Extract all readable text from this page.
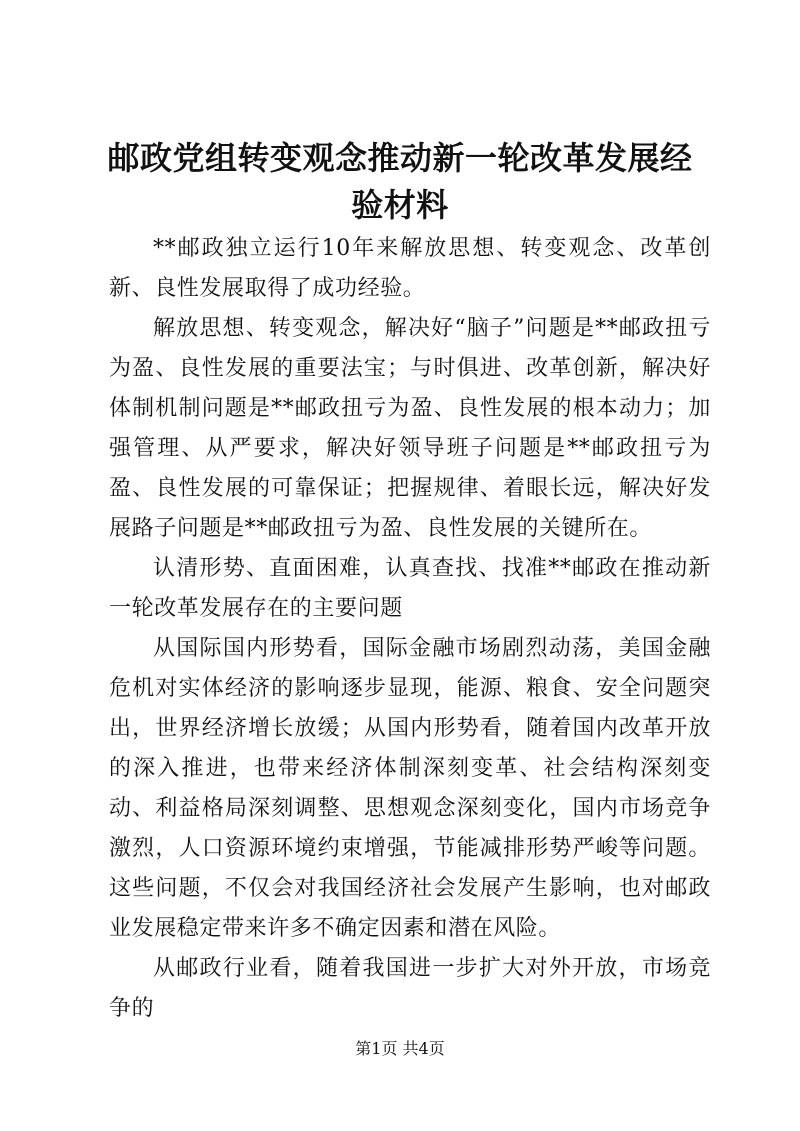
邮政党组转变观念推动新一轮改革发展经验材料

**邮政独立运行10年来解放思想、转变观念、改革创新、良性发展取得了成功经验。

解放思想、转变观念，解决好“脑子”问题是**邮政扭亏为盈、良性发展的重要法宝；与时俱进、改革创新，解决好体制机制问题是**邮政扭亏为盈、良性发展的根本动力；加强管理、从严要求，解决好领导班子问题是**邮政扭亏为盈、良性发展的可靠保证；把握规律、着眼长远，解决好发展路子问题是**邮政扭亏为盈、良性发展的关键所在。

认清形势、直面困难，认真查找、找准**邮政在推动新一轮改革发展存在的主要问题

从国际国内形势看，国际金融市场剧烈动荡，美国金融危机对实体经济的影响逐步显现，能源、粮食、安全问题突出，世界经济增长放缓；从国内形势看，随着国内改革开放的深入推进，也带来经济体制深刻变革、社会结构深刻变动、利益格局深刻调整、思想观念深刻变化，国内市场竞争激烈，人口资源环境约束增强，节能减排形势严峻等问题。这些问题，不仅会对我国经济社会发展产生影响，也对邮政业发展稳定带来许多不确定因素和潜在风险。

从邮政行业看，随着我国进一步扩大对外开放，市场竞争的

第1页 共4页
